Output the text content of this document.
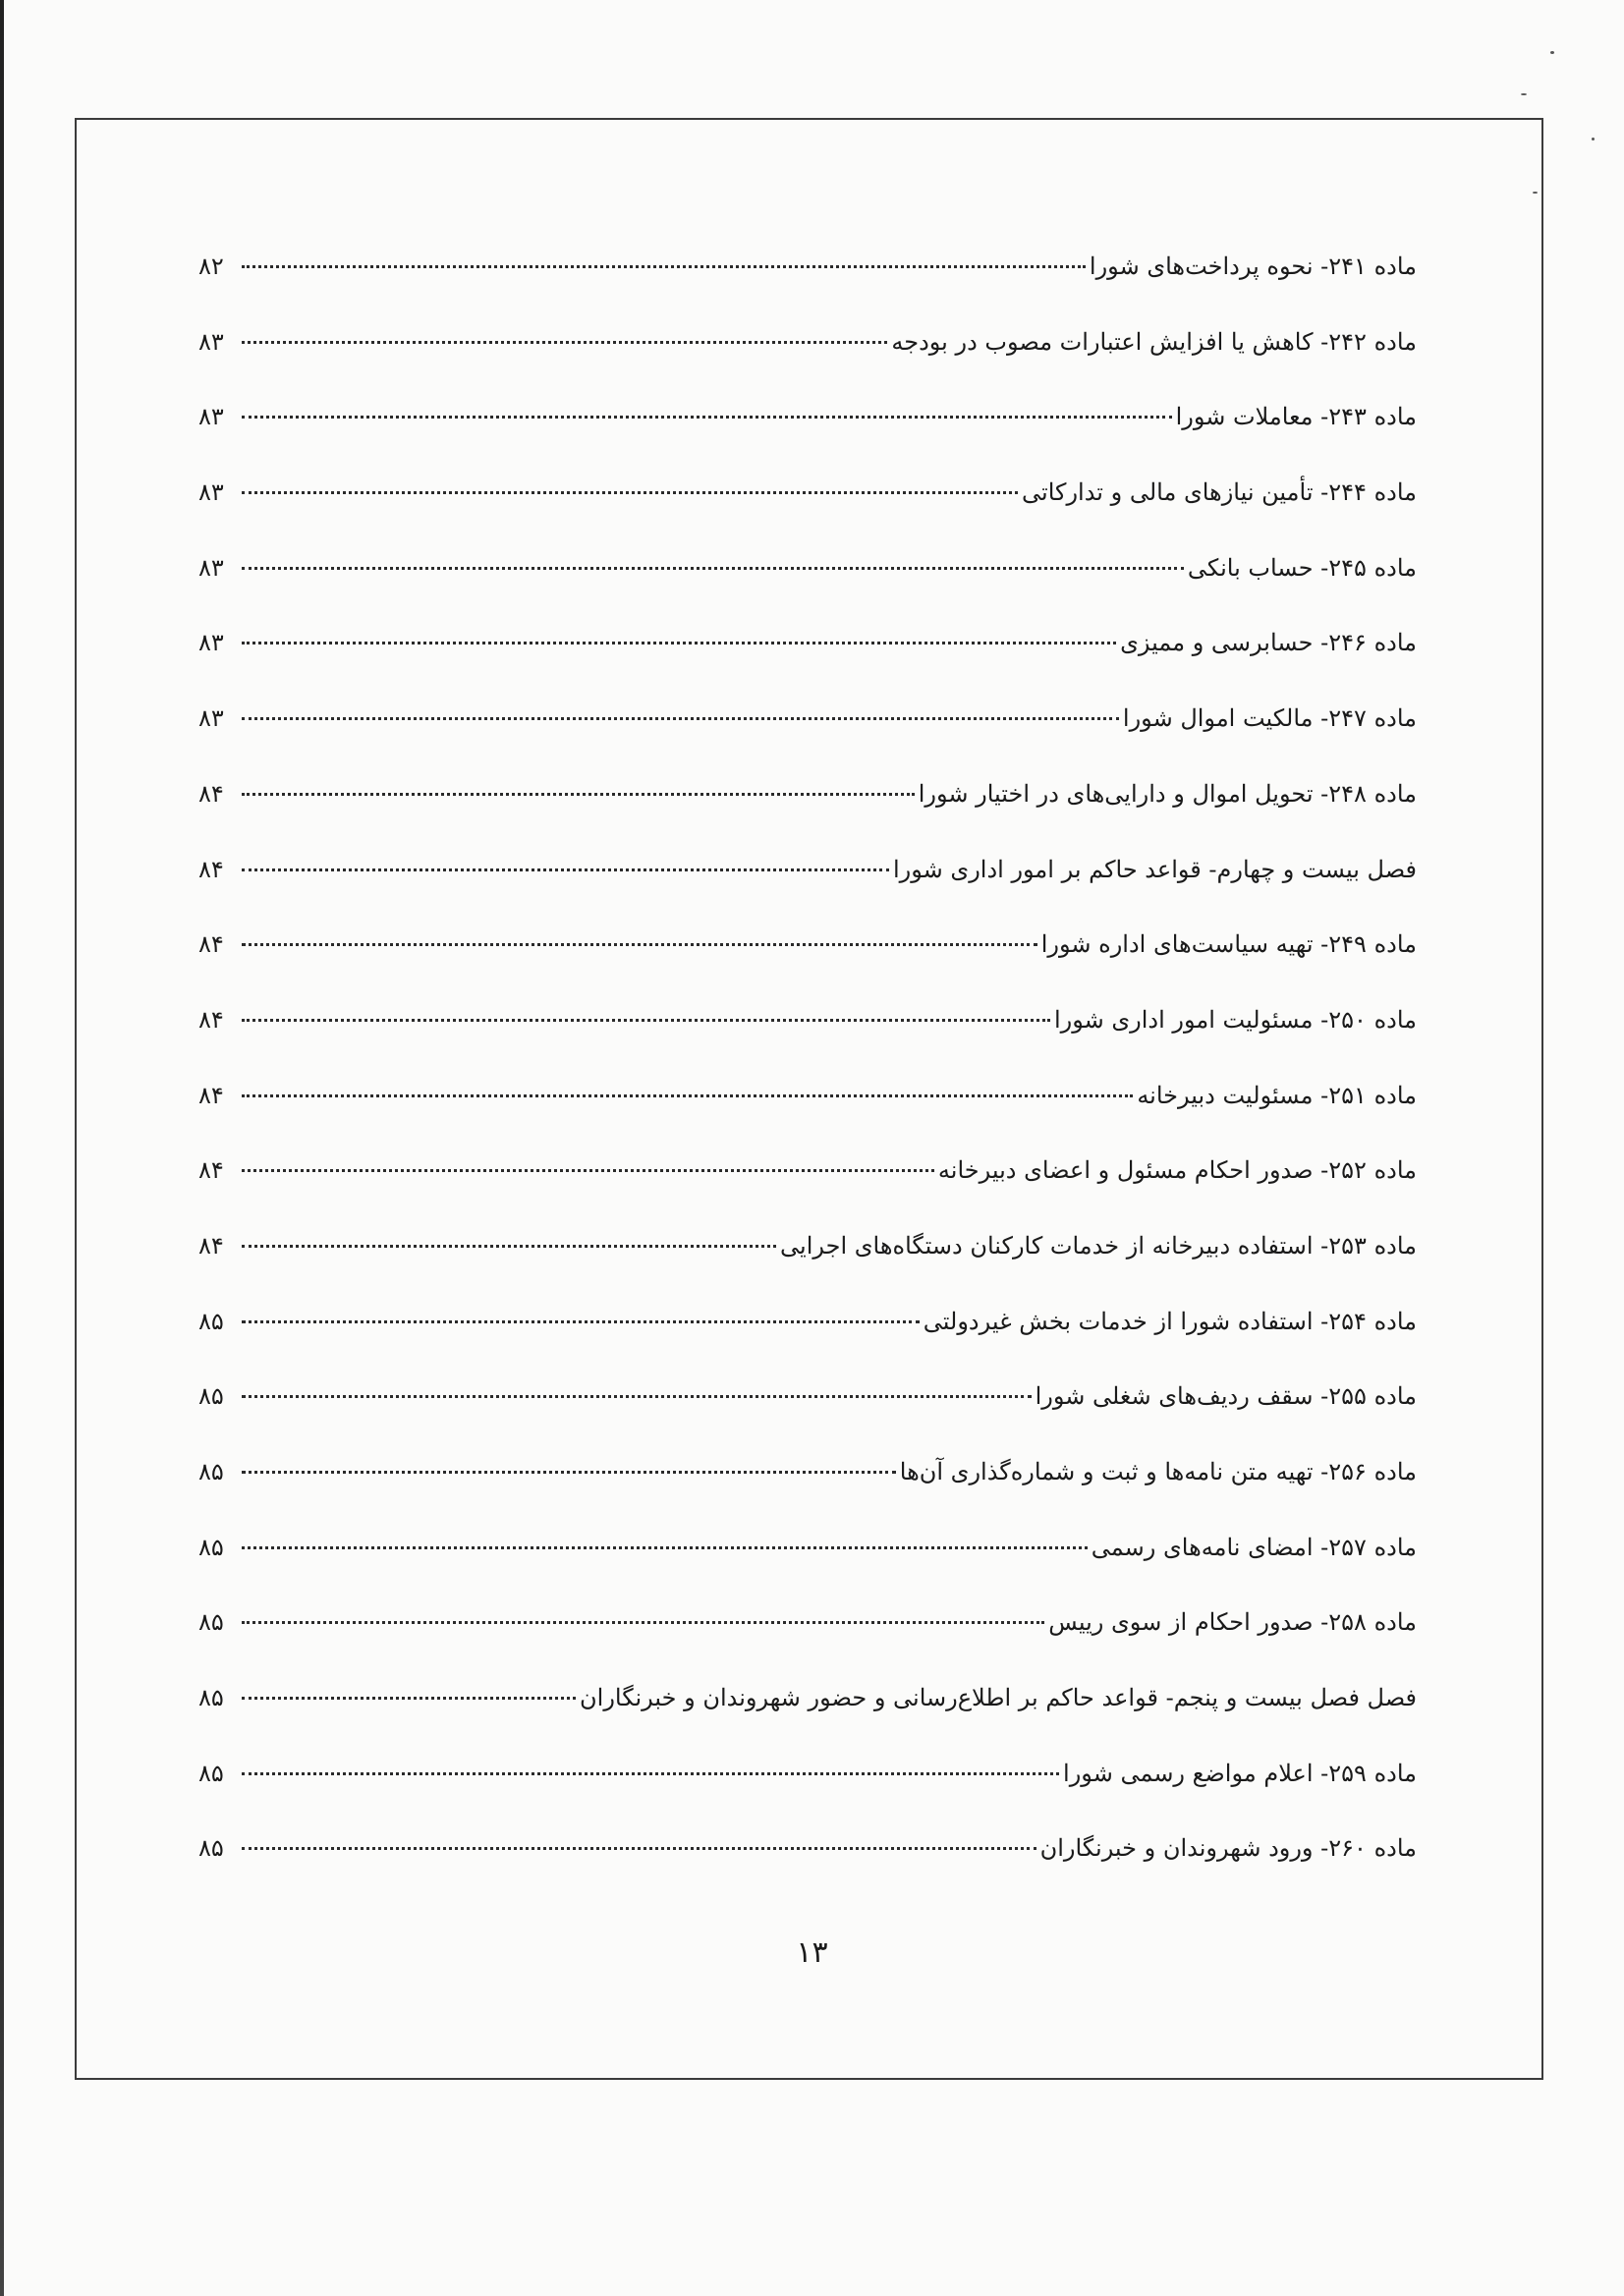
ماده ۲۴۱- نحوه پرداخت‌های شورا
۸۲
ماده ۲۴۲- کاهش یا افزایش اعتبارات مصوب در بودجه
۸۳
ماده ۲۴۳- معاملات شورا
۸۳
ماده ۲۴۴- تأمین نیازهای مالی و تدارکاتی
۸۳
ماده ۲۴۵- حساب بانکی
۸۳
ماده ۲۴۶- حسابرسی و ممیزی
۸۳
ماده ۲۴۷- مالکیت اموال شورا
۸۳
ماده ۲۴۸- تحویل اموال و دارایی‌های در اختیار شورا
۸۴
فصل بیست و چهارم- قواعد حاکم بر امور اداری شورا
۸۴
ماده ۲۴۹- تهیه سیاست‌های اداره شورا
۸۴
ماده ۲۵۰- مسئولیت امور اداری شورا
۸۴
ماده ۲۵۱- مسئولیت دبیرخانه
۸۴
ماده ۲۵۲- صدور احکام مسئول و اعضای دبیرخانه
۸۴
ماده ۲۵۳- استفاده دبیرخانه از خدمات کارکنان دستگاه‌های اجرایی
۸۴
ماده ۲۵۴- استفاده شورا از خدمات بخش غیردولتی
۸۵
ماده ۲۵۵- سقف ردیف‌های شغلی شورا
۸۵
ماده ۲۵۶- تهیه متن نامه‌ها و ثبت و شماره‌گذاری آن‌ها
۸۵
ماده ۲۵۷- امضای نامه‌های رسمی
۸۵
ماده ۲۵۸- صدور احکام از سوی رییس
۸۵
فصل فصل بیست و پنجم- قواعد حاکم بر اطلاع‌رسانی و حضور شهروندان و خبرنگاران
۸۵
ماده ۲۵۹- اعلام مواضع رسمی شورا
۸۵
ماده ۲۶۰- ورود شهروندان و خبرنگاران
۸۵
۱۳
